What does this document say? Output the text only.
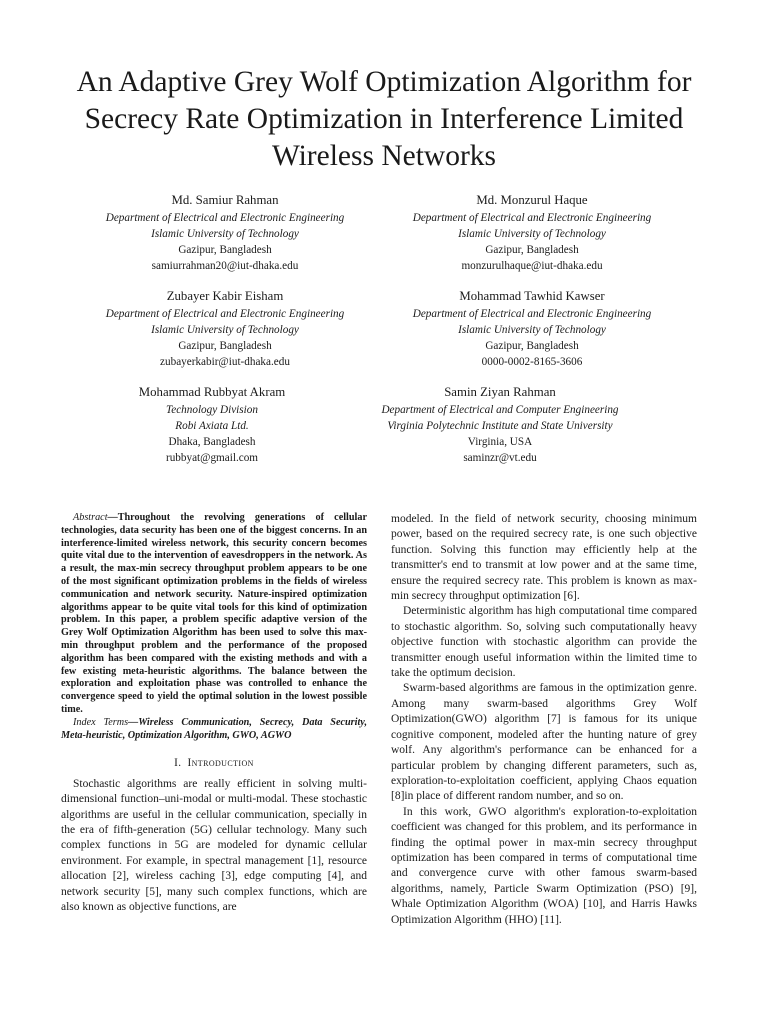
An Adaptive Grey Wolf Optimization Algorithm for
Secrecy Rate Optimization in Interference Limited
Wireless Networks
Md. Samiur Rahman
Department of Electrical and Electronic Engineering
Islamic University of Technology
Gazipur, Bangladesh
samiurrahman20@iut-dhaka.edu
Md. Monzurul Haque
Department of Electrical and Electronic Engineering
Islamic University of Technology
Gazipur, Bangladesh
monzurulhaque@iut-dhaka.edu
Zubayer Kabir Eisham
Department of Electrical and Electronic Engineering
Islamic University of Technology
Gazipur, Bangladesh
zubayerkabir@iut-dhaka.edu
Mohammad Tawhid Kawser
Department of Electrical and Electronic Engineering
Islamic University of Technology
Gazipur, Bangladesh
0000-0002-8165-3606
Mohammad Rubbyat Akram
Technology Division
Robi Axiata Ltd.
Dhaka, Bangladesh
rubbyat@gmail.com
Samin Ziyan Rahman
Department of Electrical and Computer Engineering
Virginia Polytechnic Institute and State University
Virginia, USA
saminzr@vt.edu

Abstract—Throughout the revolving generations of cellular technologies, data security has been one of the biggest concerns. In an interference-limited wireless network, this security concern becomes quite vital due to the intervention of eavesdroppers in the network. As a result, the max-min secrecy throughput problem appears to be one of the most significant optimization problems in the fields of wireless communication and network security. Nature-inspired optimization algorithms appear to be quite vital tools for this kind of optimization problem. In this paper, a problem specific adaptive version of the Grey Wolf Optimization Algorithm has been used to solve this max-min throughput problem and the performance of the proposed algorithm has been compared with the existing methods and with a few existing meta-heuristic algorithms. The balance between the exploration and exploitation phase was controlled to enhance the convergence speed to yield the optimal solution in the lowest possible time.

Index Terms—Wireless Communication, Secrecy, Data Security, Meta-heuristic, Optimization Algorithm, GWO, AGWO

I. Introduction

Stochastic algorithms are really efficient in solving multi-dimensional function–uni-modal or multi-modal. These stochastic algorithms are useful in the cellular communication, specially in the era of fifth-generation (5G) cellular technology. Many such complex functions in 5G are modeled for dynamic cellular environment. For example, in spectral management [1], resource allocation [2], wireless caching [3], edge computing [4], and network security [5], many such complex functions, which are also known as objective functions, are

modeled. In the field of network security, choosing minimum power, based on the required secrecy rate, is one such objective function. Solving this function may efficiently help at the transmitter's end to transmit at low power and at the same time, ensure the required secrecy rate. This problem is known as max-min secrecy throughput optimization [6].

Deterministic algorithm has high computational time compared to stochastic algorithm. So, solving such computationally heavy objective function with stochastic algorithm can provide the transmitter enough useful information within the limited time to take the optimum decision.

Swarm-based algorithms are famous in the optimization genre. Among many swarm-based algorithms Grey Wolf Optimization(GWO) algorithm [7] is famous for its unique cognitive component, modeled after the hunting nature of grey wolf. Any algorithm's performance can be enhanced for a particular problem by changing different parameters, such as, exploration-to-exploitation coefficient, applying Chaos equation [8]in place of different random number, and so on.

In this work, GWO algorithm's exploration-to-exploitation coefficient was changed for this problem, and its performance in finding the optimal power in max-min secrecy throughput optimization has been compared in terms of computational time and convergence curve with other famous swarm-based algorithms, namely, Particle Swarm Optimization (PSO) [9], Whale Optimization Algorithm (WOA) [10], and Harris Hawks Optimization Algorithm (HHO) [11].
